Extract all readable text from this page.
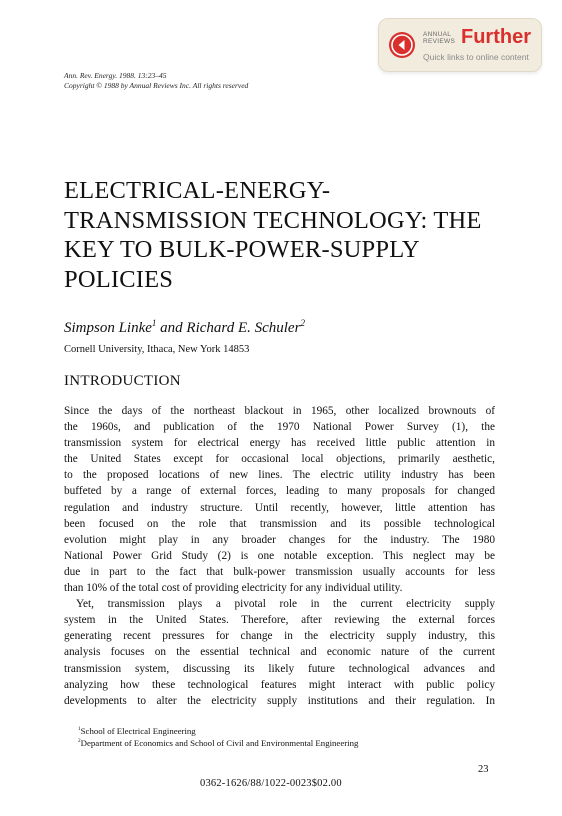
ANNUAL
REVIEWS Further
Quick links to online content
Ann. Rev. Energy. 1988. 13:23–45
Copyright © 1988 by Annual Reviews Inc. All rights reserved
ELECTRICAL-ENERGY-
TRANSMISSION TECHNOLOGY: THE
KEY TO BULK-POWER-SUPPLY
POLICIES
Simpson Linke$^1$ and Richard E. Schuler$^2$
Cornell University, Ithaca, New York 14853
INTRODUCTION
Since the days of the northeast blackout in 1965, other localized brownouts of
the 1960s, and publication of the 1970 National Power Survey (1), the
transmission system for electrical energy has received little public attention in
the United States except for occasional local objections, primarily aesthetic,
to the proposed locations of new lines. The electric utility industry has been
buffeted by a range of external forces, leading to many proposals for changed
regulation and industry structure. Until recently, however, little attention has
been focused on the role that transmission and its possible technological
evolution might play in any broader changes for the industry. The 1980
National Power Grid Study (2) is one notable exception. This neglect may be
due in part to the fact that bulk-power transmission usually accounts for less
than 10% of the total cost of providing electricity for any individual utility.
Yet, transmission plays a pivotal role in the current electricity supply
system in the United States. Therefore, after reviewing the external forces
generating recent pressures for change in the electricity supply industry, this
analysis focuses on the essential technical and economic nature of the current
transmission system, discussing its likely future technological advances and
analyzing how these technological features might interact with public policy
developments to alter the electricity supply institutions and their regulation. In
$^1$School of Electrical Engineering
$^2$Department of Economics and School of Civil and Environmental Engineering
23
0362-1626/88/1022-0023$02.00
